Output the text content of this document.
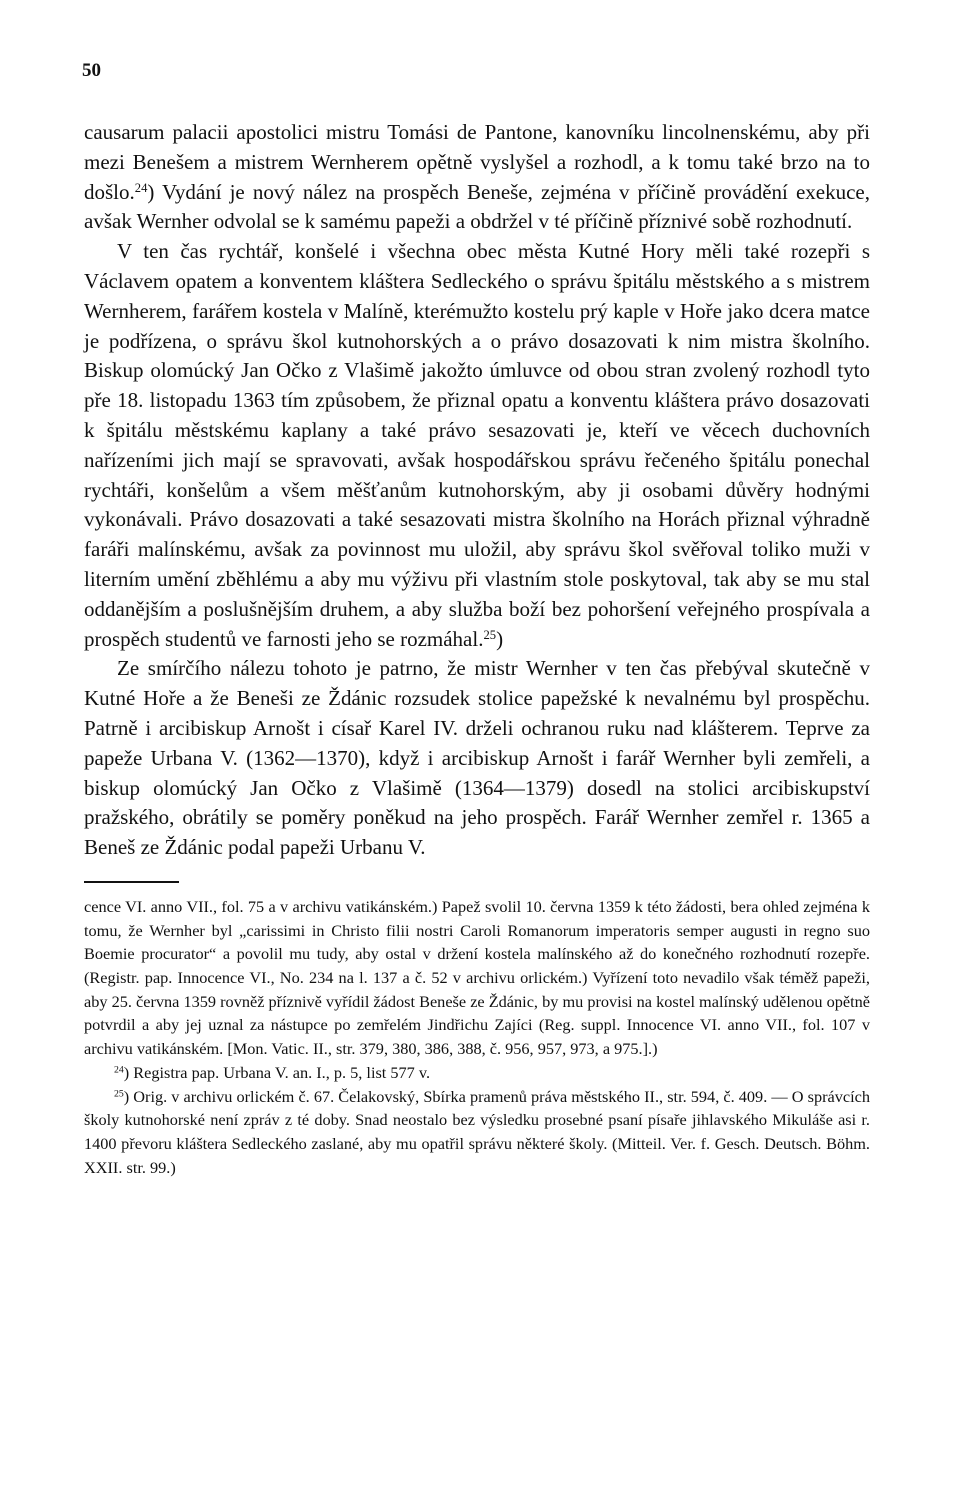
50

causarum palacii apostolici mistru Tomási de Pantone, kanovníku lincolnenskému, aby při mezi Benešem a mistrem Wernherem opětně vyslyšel a rozhodl, a k tomu také brzo na to došlo.$^{24}$) Vydání je nový nález na prospěch Beneše, zejména v příčině provádění exekuce, avšak Wernher odvolal se k samému papeži a obdržel v té příčině příznivé sobě rozhodnutí.

V ten čas rychtář, konšelé i všechna obec města Kutné Hory měli také rozepři s Václavem opatem a konventem kláštera Sedleckého o správu špitálu městského a s mistrem Wernherem, farářem kostela v Malíně, kterémužto kostelu prý kaple v Hoře jako dcera matce je podřízena, o správu škol kutnohorských a o právo dosazovati k nim mistra školního. Biskup olomúcký Jan Očko z Vlašimě jakožto úmluvce od obou stran zvolený rozhodl tyto pře 18. listopadu 1363 tím způsobem, že přiznal opatu a konventu kláštera právo dosazovati k špitálu městskému kaplany a také právo sesazovati je, kteří ve věcech duchovních nařízeními jich mají se spravovati, avšak hospodářskou správu řečeného špitálu ponechal rychtáři, konšelům a všem měšťanům kutnohorským, aby ji osobami důvěry hodnými vykonávali. Právo dosazovati a také sesazovati mistra školního na Horách přiznal výhradně faráři malínskému, avšak za povinnost mu uložil, aby správu škol svěřoval toliko muži v literním umění zběhlému a aby mu výživu při vlastním stole poskytoval, tak aby se mu stal oddanějším a poslušnějším druhem, a aby služba boží bez pohoršení veřejného prospívala a prospěch studentů ve farnosti jeho se rozmáhal.$^{25}$)

Ze smírčího nálezu tohoto je patrno, že mistr Wernher v ten čas přebýval skutečně v Kutné Hoře a že Beneši ze Ždánic rozsudek stolice papežské k nevalnému byl prospěchu. Patrně i arcibiskup Arnošt i císař Karel IV. drželi ochranou ruku nad klášterem. Teprve za papeže Urbana V. (1362—1370), když i arcibiskup Arnošt i farář Wernher byli zemřeli, a biskup olomúcký Jan Očko z Vlašimě (1364—1379) dosedl na stolici arcibiskupství pražského, obrátily se poměry poněkud na jeho prospěch. Farář Wernher zemřel r. 1365 a Beneš ze Ždánic podal papeži Urbanu V.

cence VI. anno VII., fol. 75 a v archivu vatikánském.) Papež svolil 10. června 1359 k této žádosti, bera ohled zejména k tomu, že Wernher byl „carissimi in Christo filii nostri Caroli Romanorum imperatoris semper augusti in regno suo Boemie procurator“ a povolil mu tudy, aby ostal v držení kostela malínského až do konečného rozhodnutí rozepře. (Registr. pap. Innocence VI., No. 234 na l. 137 a č. 52 v archivu orlickém.) Vyřízení toto nevadilo však téměž papeži, aby 25. června 1359 rovněž příznivě vyřídil žádost Beneše ze Ždánic, by mu provisi na kostel malínský udělenou opětně potvrdil a aby jej uznal za nástupce po zemřelém Jindřichu Zajíci (Reg. suppl. Innocence VI. anno VII., fol. 107 v archivu vatikánském. [Mon. Vatic. II., str. 379, 380, 386, 388, č. 956, 957, 973, a 975.].)

$^{24}$) Registra pap. Urbana V. an. I., p. 5, list 577 v.

$^{25}$) Orig. v archivu orlickém č. 67. Čelakovský, Sbírka pramenů práva městského II., str. 594, č. 409. — O správcích školy kutnohorské není zpráv z té doby. Snad neostalo bez výsledku prosebné psaní písaře jihlavského Mikuláše asi r. 1400 převoru kláštera Sedleckého zaslané, aby mu opatřil správu některé školy. (Mitteil. Ver. f. Gesch. Deutsch. Böhm. XXII. str. 99.)
